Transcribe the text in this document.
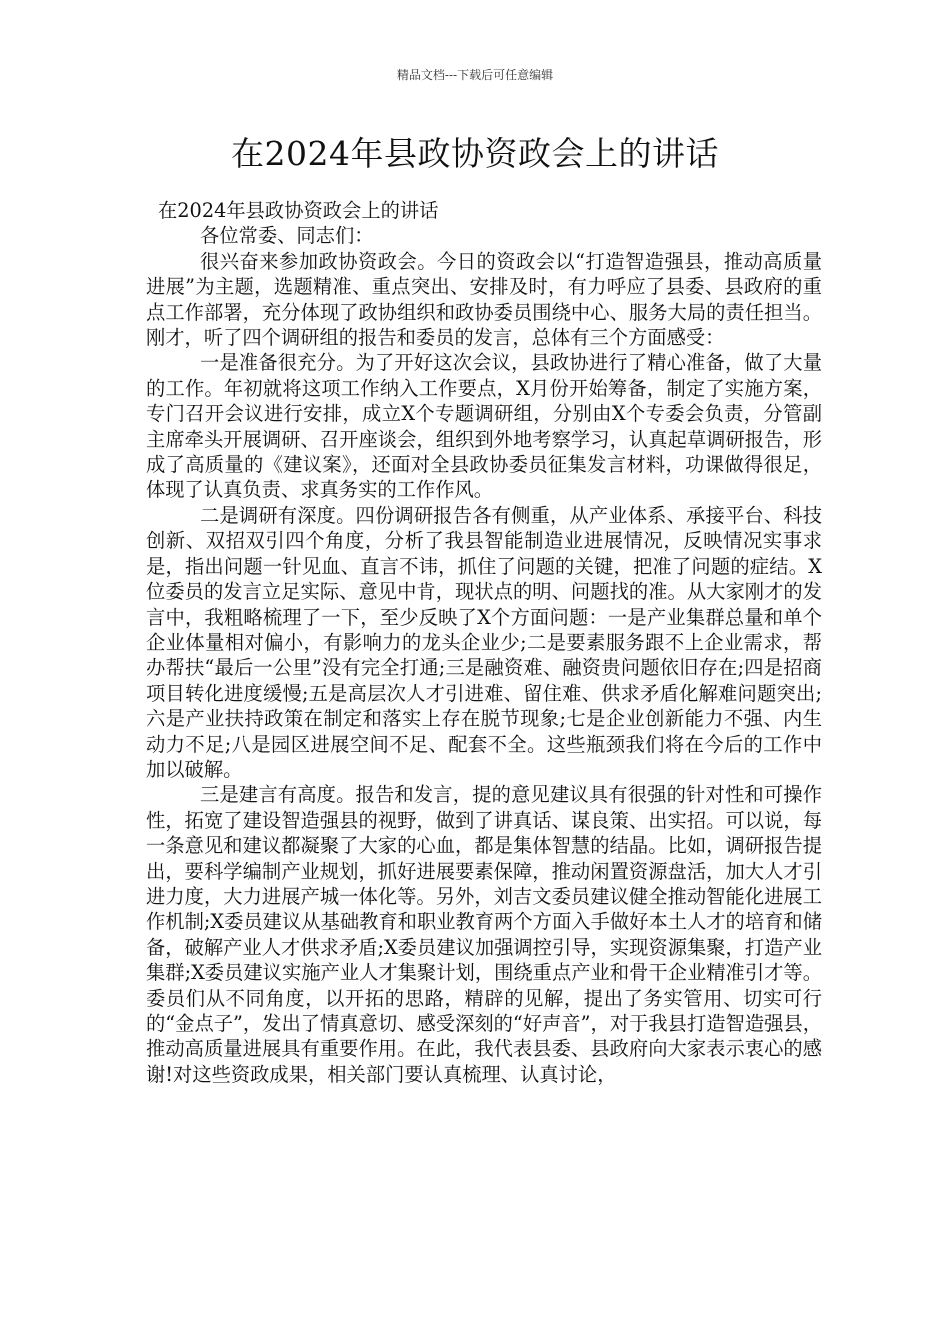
精品文档---下载后可任意编辑
在2024年县政协资政会上的讲话

在2024年县政协资政会上的讲话

各位常委、同志们：

很兴奋来参加政协资政会。今日的资政会以“打造智造强县，推动高质量进展”为主题，选题精准、重点突出、安排及时，有力呼应了县委、县政府的重点工作部署，充分体现了政协组织和政协委员围绕中心、服务大局的责任担当。刚才，听了四个调研组的报告和委员的发言，总体有三个方面感受：

一是准备很充分。为了开好这次会议，县政协进行了精心准备，做了大量的工作。年初就将这项工作纳入工作要点，X月份开始筹备，制定了实施方案，专门召开会议进行安排，成立X个专题调研组，分别由X个专委会负责，分管副主席牵头开展调研、召开座谈会，组织到外地考察学习，认真起草调研报告，形成了高质量的《建议案》，还面对全县政协委员征集发言材料，功课做得很足，体现了认真负责、求真务实的工作作风。

二是调研有深度。四份调研报告各有侧重，从产业体系、承接平台、科技创新、双招双引四个角度，分析了我县智能制造业进展情况，反映情况实事求是，指出问题一针见血、直言不讳，抓住了问题的关键，把准了问题的症结。X位委员的发言立足实际、意见中肯，现状点的明、问题找的准。从大家刚才的发言中，我粗略梳理了一下，至少反映了X个方面问题：一是产业集群总量和单个企业体量相对偏小，有影响力的龙头企业少;二是要素服务跟不上企业需求，帮办帮扶“最后一公里”没有完全打通;三是融资难、融资贵问题依旧存在;四是招商项目转化进度缓慢;五是高层次人才引进难、留住难、供求矛盾化解难问题突出;六是产业扶持政策在制定和落实上存在脱节现象;七是企业创新能力不强、内生动力不足;八是园区进展空间不足、配套不全。这些瓶颈我们将在今后的工作中加以破解。

三是建言有高度。报告和发言，提的意见建议具有很强的针对性和可操作性，拓宽了建设智造强县的视野，做到了讲真话、谋良策、出实招。可以说，每一条意见和建议都凝聚了大家的心血，都是集体智慧的结晶。比如，调研报告提出，要科学编制产业规划，抓好进展要素保障，推动闲置资源盘活，加大人才引进力度，大力进展产城一体化等。另外，刘吉文委员建议健全推动智能化进展工作机制;X委员建议从基础教育和职业教育两个方面入手做好本土人才的培育和储备，破解产业人才供求矛盾;X委员建议加强调控引导，实现资源集聚，打造产业集群;X委员建议实施产业人才集聚计划，围绕重点产业和骨干企业精准引才等。委员们从不同角度，以开拓的思路，精辟的见解，提出了务实管用、切实可行的“金点子”，发出了情真意切、感受深刻的“好声音”，对于我县打造智造强县，推动高质量进展具有重要作用。在此，我代表县委、县政府向大家表示衷心的感谢!对这些资政成果，相关部门要认真梳理、认真讨论，
